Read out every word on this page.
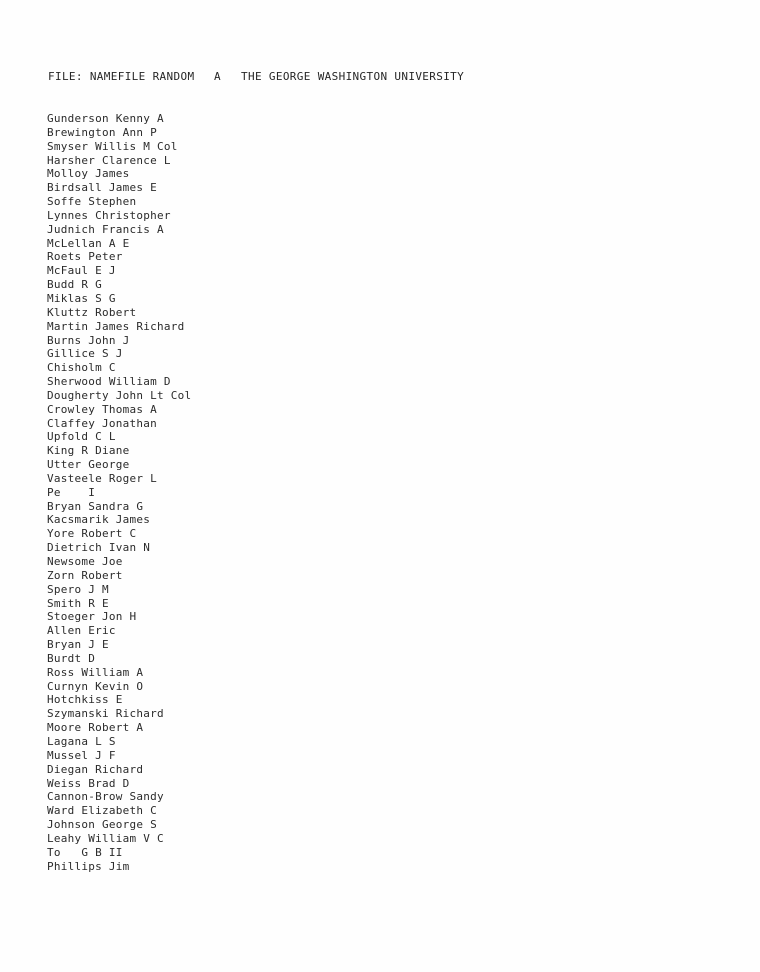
FILE: NAMEFILE RANDOM A THE GEORGE WASHINGTON UNIVERSITY
Gunderson Kenny A
Brewington Ann P
Smyser Willis M Col
Harsher Clarence L
Molloy James
Birdsall James E
Soffe Stephen
Lynnes Christopher
Judnich Francis A
McLellan A E
Roets Peter
McFaul E J
Budd R G
Miklas S G
Kluttz Robert
Martin James Richard
Burns John J
Gillice S J
Chisholm C
Sherwood William D
Dougherty John Lt Col
Crowley Thomas A
Claffey Jonathan
Upfold C L
King R Diane
Utter George
Vasteele Roger L
Pe    I
Bryan Sandra G
Kacsmarik James
Yore Robert C
Dietrich Ivan N
Newsome Joe
Zorn Robert
Spero J M
Smith R E
Stoeger Jon H
Allen Eric
Bryan J E
Burdt D
Ross William A
Curnyn Kevin O
Hotchkiss E
Szymanski Richard
Moore Robert A
Lagana L S
Mussel J F
Diegan Richard
Weiss Brad D
Cannon-Brow Sandy
Ward Elizabeth C
Johnson George S
Leahy William V C
To   G B II
Phillips Jim
